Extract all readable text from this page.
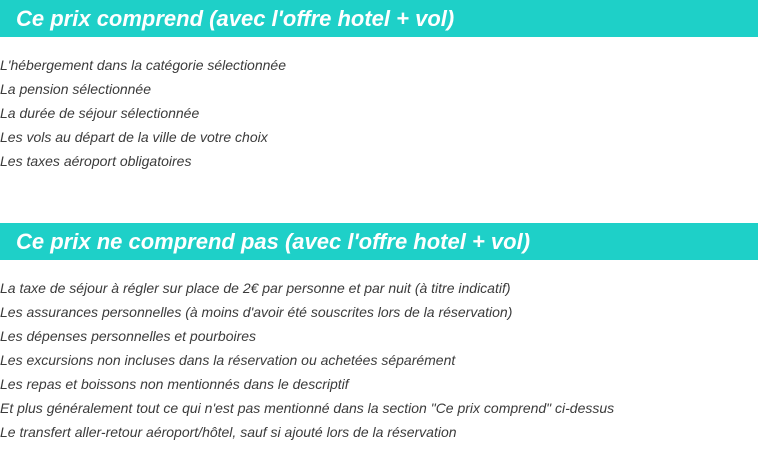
Ce prix comprend (avec l'offre hotel + vol)
L'hébergement dans la catégorie sélectionnée
La pension sélectionnée
La durée de séjour sélectionnée
Les vols au départ de la ville de votre choix
Les taxes aéroport obligatoires
Ce prix ne comprend pas (avec l'offre hotel + vol)
La taxe de séjour à régler sur place de 2€ par personne et par nuit (à titre indicatif)
Les assurances personnelles (à moins d'avoir été souscrites lors de la réservation)
Les dépenses personnelles et pourboires
Les excursions non incluses dans la réservation ou achetées séparément
Les repas et boissons non mentionnés dans le descriptif
Et plus généralement tout ce qui n'est pas mentionné dans la section "Ce prix comprend" ci-dessus
Le transfert aller-retour aéroport/hôtel, sauf si ajouté lors de la réservation
